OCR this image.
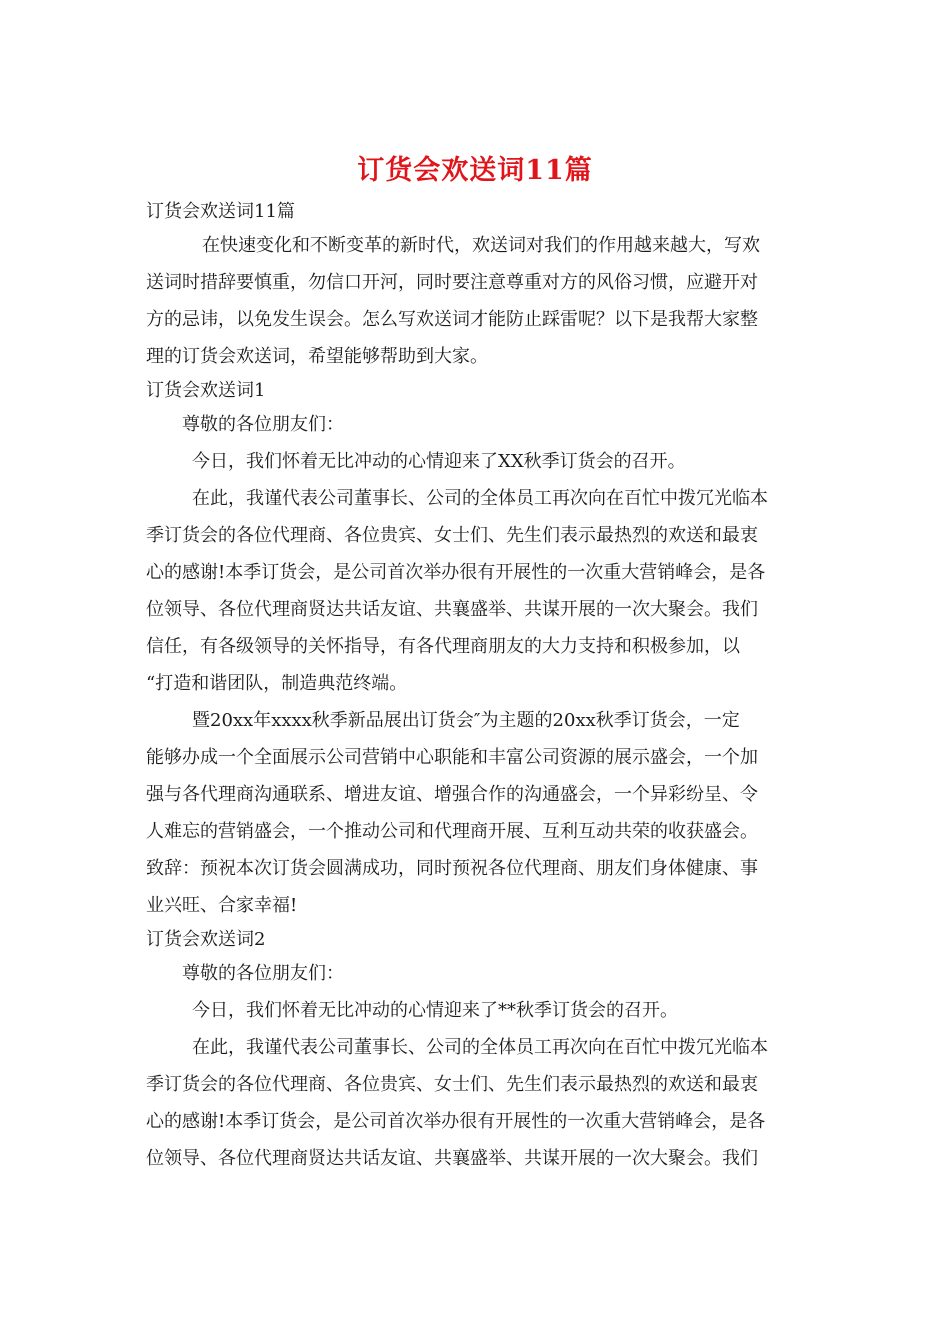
订货会欢送词11篇
订货会欢送词11篇
在快速变化和不断变革的新时代，欢送词对我们的作用越来越大，写欢
送词时措辞要慎重，勿信口开河，同时要注意尊重对方的风俗习惯，应避开对
方的忌讳，以免发生误会。怎么写欢送词才能防止踩雷呢？以下是我帮大家整
理的订货会欢送词，希望能够帮助到大家。
订货会欢送词1
尊敬的各位朋友们：
今日，我们怀着无比冲动的心情迎来了XX秋季订货会的召开。
在此，我谨代表公司董事长、公司的全体员工再次向在百忙中拨冗光临本
季订货会的各位代理商、各位贵宾、女士们、先生们表示最热烈的欢送和最衷
心的感谢!本季订货会，是公司首次举办很有开展性的一次重大营销峰会，是各
位领导、各位代理商贤达共话友谊、共襄盛举、共谋开展的一次大聚会。我们
信任，有各级领导的关怀指导，有各代理商朋友的大力支持和积极参加，以
“打造和谐团队，制造典范终端。
暨20xx年xxxx秋季新品展出订货会″为主题的20xx秋季订货会，一定
能够办成一个全面展示公司营销中心职能和丰富公司资源的展示盛会，一个加
强与各代理商沟通联系、增进友谊、增强合作的沟通盛会，一个异彩纷呈、令
人难忘的营销盛会，一个推动公司和代理商开展、互利互动共荣的收获盛会。
致辞：预祝本次订货会圆满成功，同时预祝各位代理商、朋友们身体健康、事
业兴旺、合家幸福!
订货会欢送词2
尊敬的各位朋友们：
今日，我们怀着无比冲动的心情迎来了**秋季订货会的召开。
在此，我谨代表公司董事长、公司的全体员工再次向在百忙中拨冗光临本
季订货会的各位代理商、各位贵宾、女士们、先生们表示最热烈的欢送和最衷
心的感谢!本季订货会，是公司首次举办很有开展性的一次重大营销峰会，是各
位领导、各位代理商贤达共话友谊、共襄盛举、共谋开展的一次大聚会。我们
